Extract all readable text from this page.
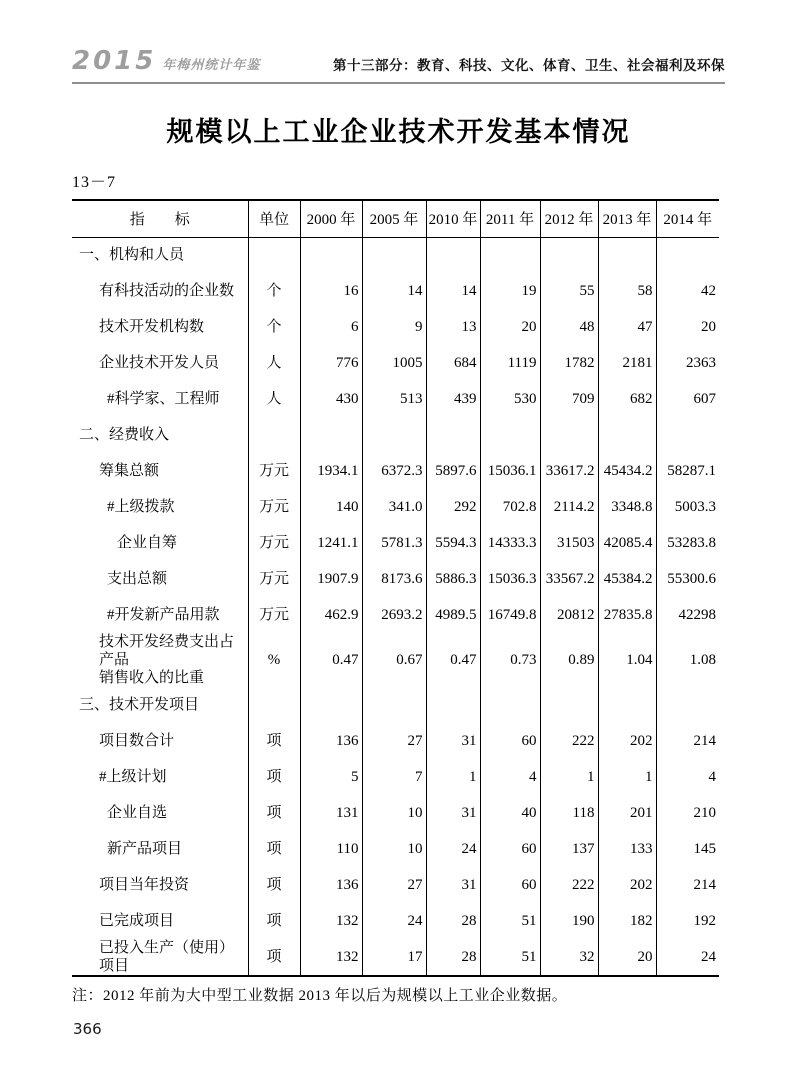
2015 年梅州统计年鉴	第十三部分：教育、科技、文化、体育、卫生、社会福利及环保
规模以上工业企业技术开发基本情况
13－7
指　　标	单位	2000 年	2005 年	2010 年	2011 年	2012 年	2013 年	2014 年
一、机构和人员								
有科技活动的企业数	个	16	14	14	19	55	58	42
技术开发机构数	个	6	9	13	20	48	47	20
企业技术开发人员	人	776	1005	684	1119	1782	2181	2363
#科学家、工程师	人	430	513	439	530	709	682	607
二、经费收入								
筹集总额	万元	1934.1	6372.3	5897.6	15036.1	33617.2	45434.2	58287.1
#上级拨款	万元	140	341.0	292	702.8	2114.2	3348.8	5003.3
企业自筹	万元	1241.1	5781.3	5594.3	14333.3	31503	42085.4	53283.8
支出总额	万元	1907.9	8173.6	5886.3	15036.3	33567.2	45384.2	55300.6
#开发新产品用款	万元	462.9	2693.2	4989.5	16749.8	20812	27835.8	42298
技术开发经费支出占产品
销售收入的比重	%	0.47	0.67	0.47	0.73	0.89	1.04	1.08
三、技术开发项目								
项目数合计	项	136	27	31	60	222	202	214
#上级计划	项	5	7	1	4	1	1	4
企业自选	项	131	10	31	40	118	201	210
新产品项目	项	110	10	24	60	137	133	145
项目当年投资	项	136	27	31	60	222	202	214
已完成项目	项	132	24	28	51	190	182	192
已投入生产（使用）项目	项	132	17	28	51	32	20	24
注：2012 年前为大中型工业数据 2013 年以后为规模以上工业企业数据。
366
